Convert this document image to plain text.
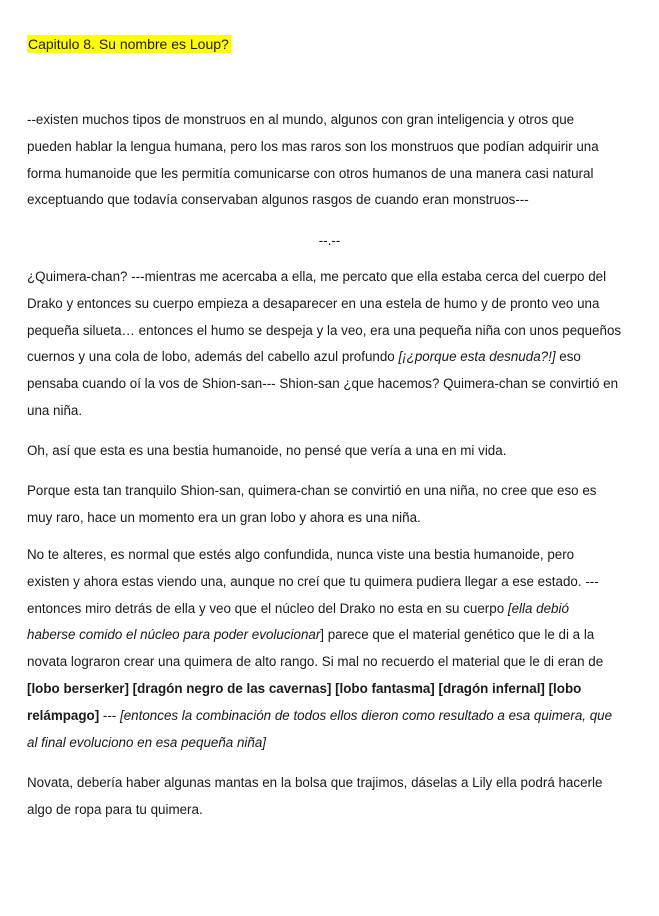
Capitulo 8. Su nombre es Loup?

--existen muchos tipos de monstruos en al mundo, algunos con gran inteligencia y otros que
pueden hablar la lengua humana, pero los mas raros son los monstruos que podían adquirir una
forma humanoide que les permitía comunicarse con otros humanos de una manera casi natural
exceptuando que todavía conservaban algunos rasgos de cuando eran monstruos---

--.--

¿Quimera-chan? ---mientras me acercaba a ella, me percato que ella estaba cerca del cuerpo del
Drako y entonces su cuerpo empieza a desaparecer en una estela de humo y de pronto veo una
pequeña silueta… entonces el humo se despeja y la veo, era una pequeña niña con unos pequeños
cuernos y una cola de lobo, además del cabello azul profundo [¡¿porque esta desnuda?!] eso
pensaba cuando oí la vos de Shion-san--- Shion-san ¿que hacemos? Quimera-chan se convirtió en
una niña.

Oh, así que esta es una bestia humanoide, no pensé que vería a una en mi vida.

Porque esta tan tranquilo Shion-san, quimera-chan se convirtió en una niña, no cree que eso es
muy raro, hace un momento era un gran lobo y ahora es una niña.

No te alteres, es normal que estés algo confundida, nunca viste una bestia humanoide, pero
existen y ahora estas viendo una, aunque no creí que tu quimera pudiera llegar a ese estado. ---
entonces miro detrás de ella y veo que el núcleo del Drako no esta en su cuerpo [ella debió
haberse comido el núcleo para poder evolucionar] parece que el material genético que le di a la
novata lograron crear una quimera de alto rango. Si mal no recuerdo el material que le di eran de
[lobo berserker] [dragón negro de las cavernas] [lobo fantasma] [dragón infernal] [lobo
relámpago] --- [entonces la combinación de todos ellos dieron como resultado a esa quimera, que
al final evoluciono en esa pequeña niña]

Novata, debería haber algunas mantas en la bolsa que trajimos, dáselas a Lily ella podrá hacerle
algo de ropa para tu quimera.
